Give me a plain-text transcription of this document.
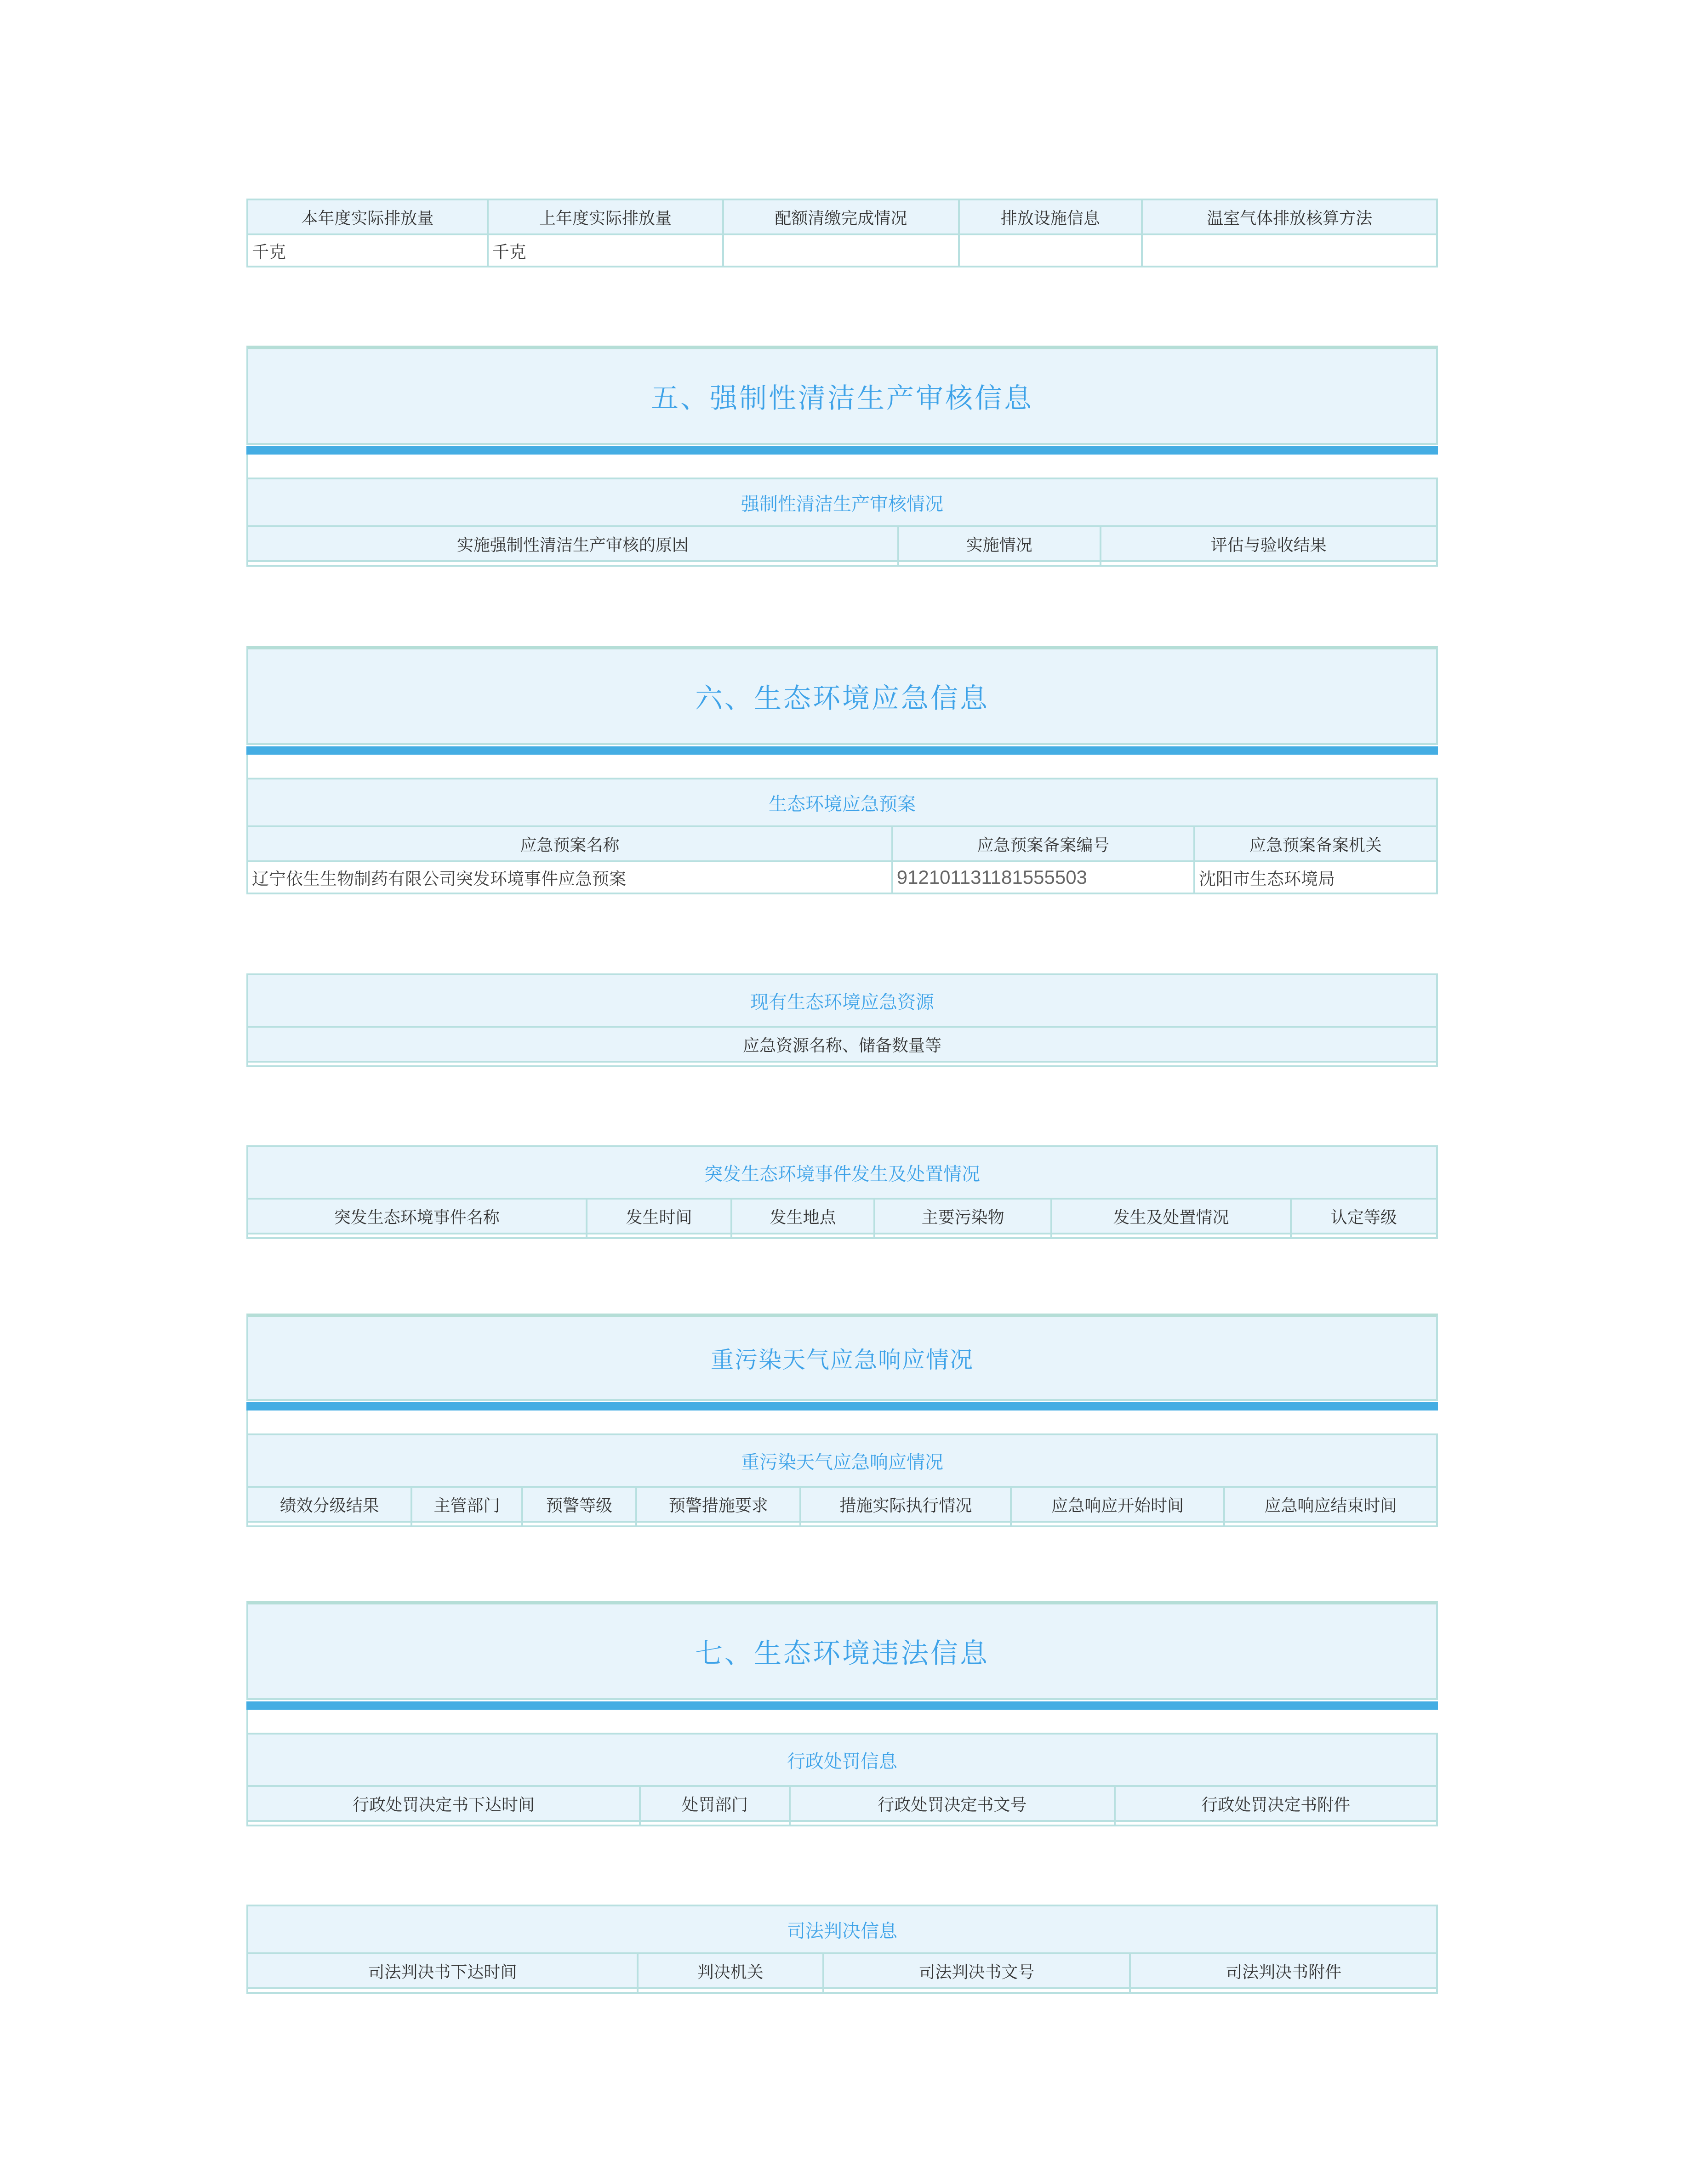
本年度实际排放量	上年度实际排放量	配额清缴完成情况	排放设施信息	温室气体排放核算方法
千克	千克			
五、强制性清洁生产审核信息
强制性清洁生产审核情况		
实施强制性清洁生产审核的原因	实施情况	评估与验收结果

六、生态环境应急信息
生态环境应急预案		
应急预案名称	应急预案备案编号	应急预案备案机关
辽宁依生生物制药有限公司突发环境事件应急预案	912101131181555503	沈阳市生态环境局
现有生态环境应急资源
应急资源名称、储备数量等

突发生态环境事件发生及处置情况					
突发生态环境事件名称	发生时间	发生地点	主要污染物	发生及处置情况	认定等级

重污染天气应急响应情况
重污染天气应急响应情况						
绩效分级结果	主管部门	预警等级	预警措施要求	措施实际执行情况	应急响应开始时间	应急响应结束时间

七、生态环境违法信息
行政处罚信息			
行政处罚决定书下达时间	处罚部门	行政处罚决定书文号	行政处罚决定书附件

司法判决信息			
司法判决书下达时间	判决机关	司法判决书文号	司法判决书附件
